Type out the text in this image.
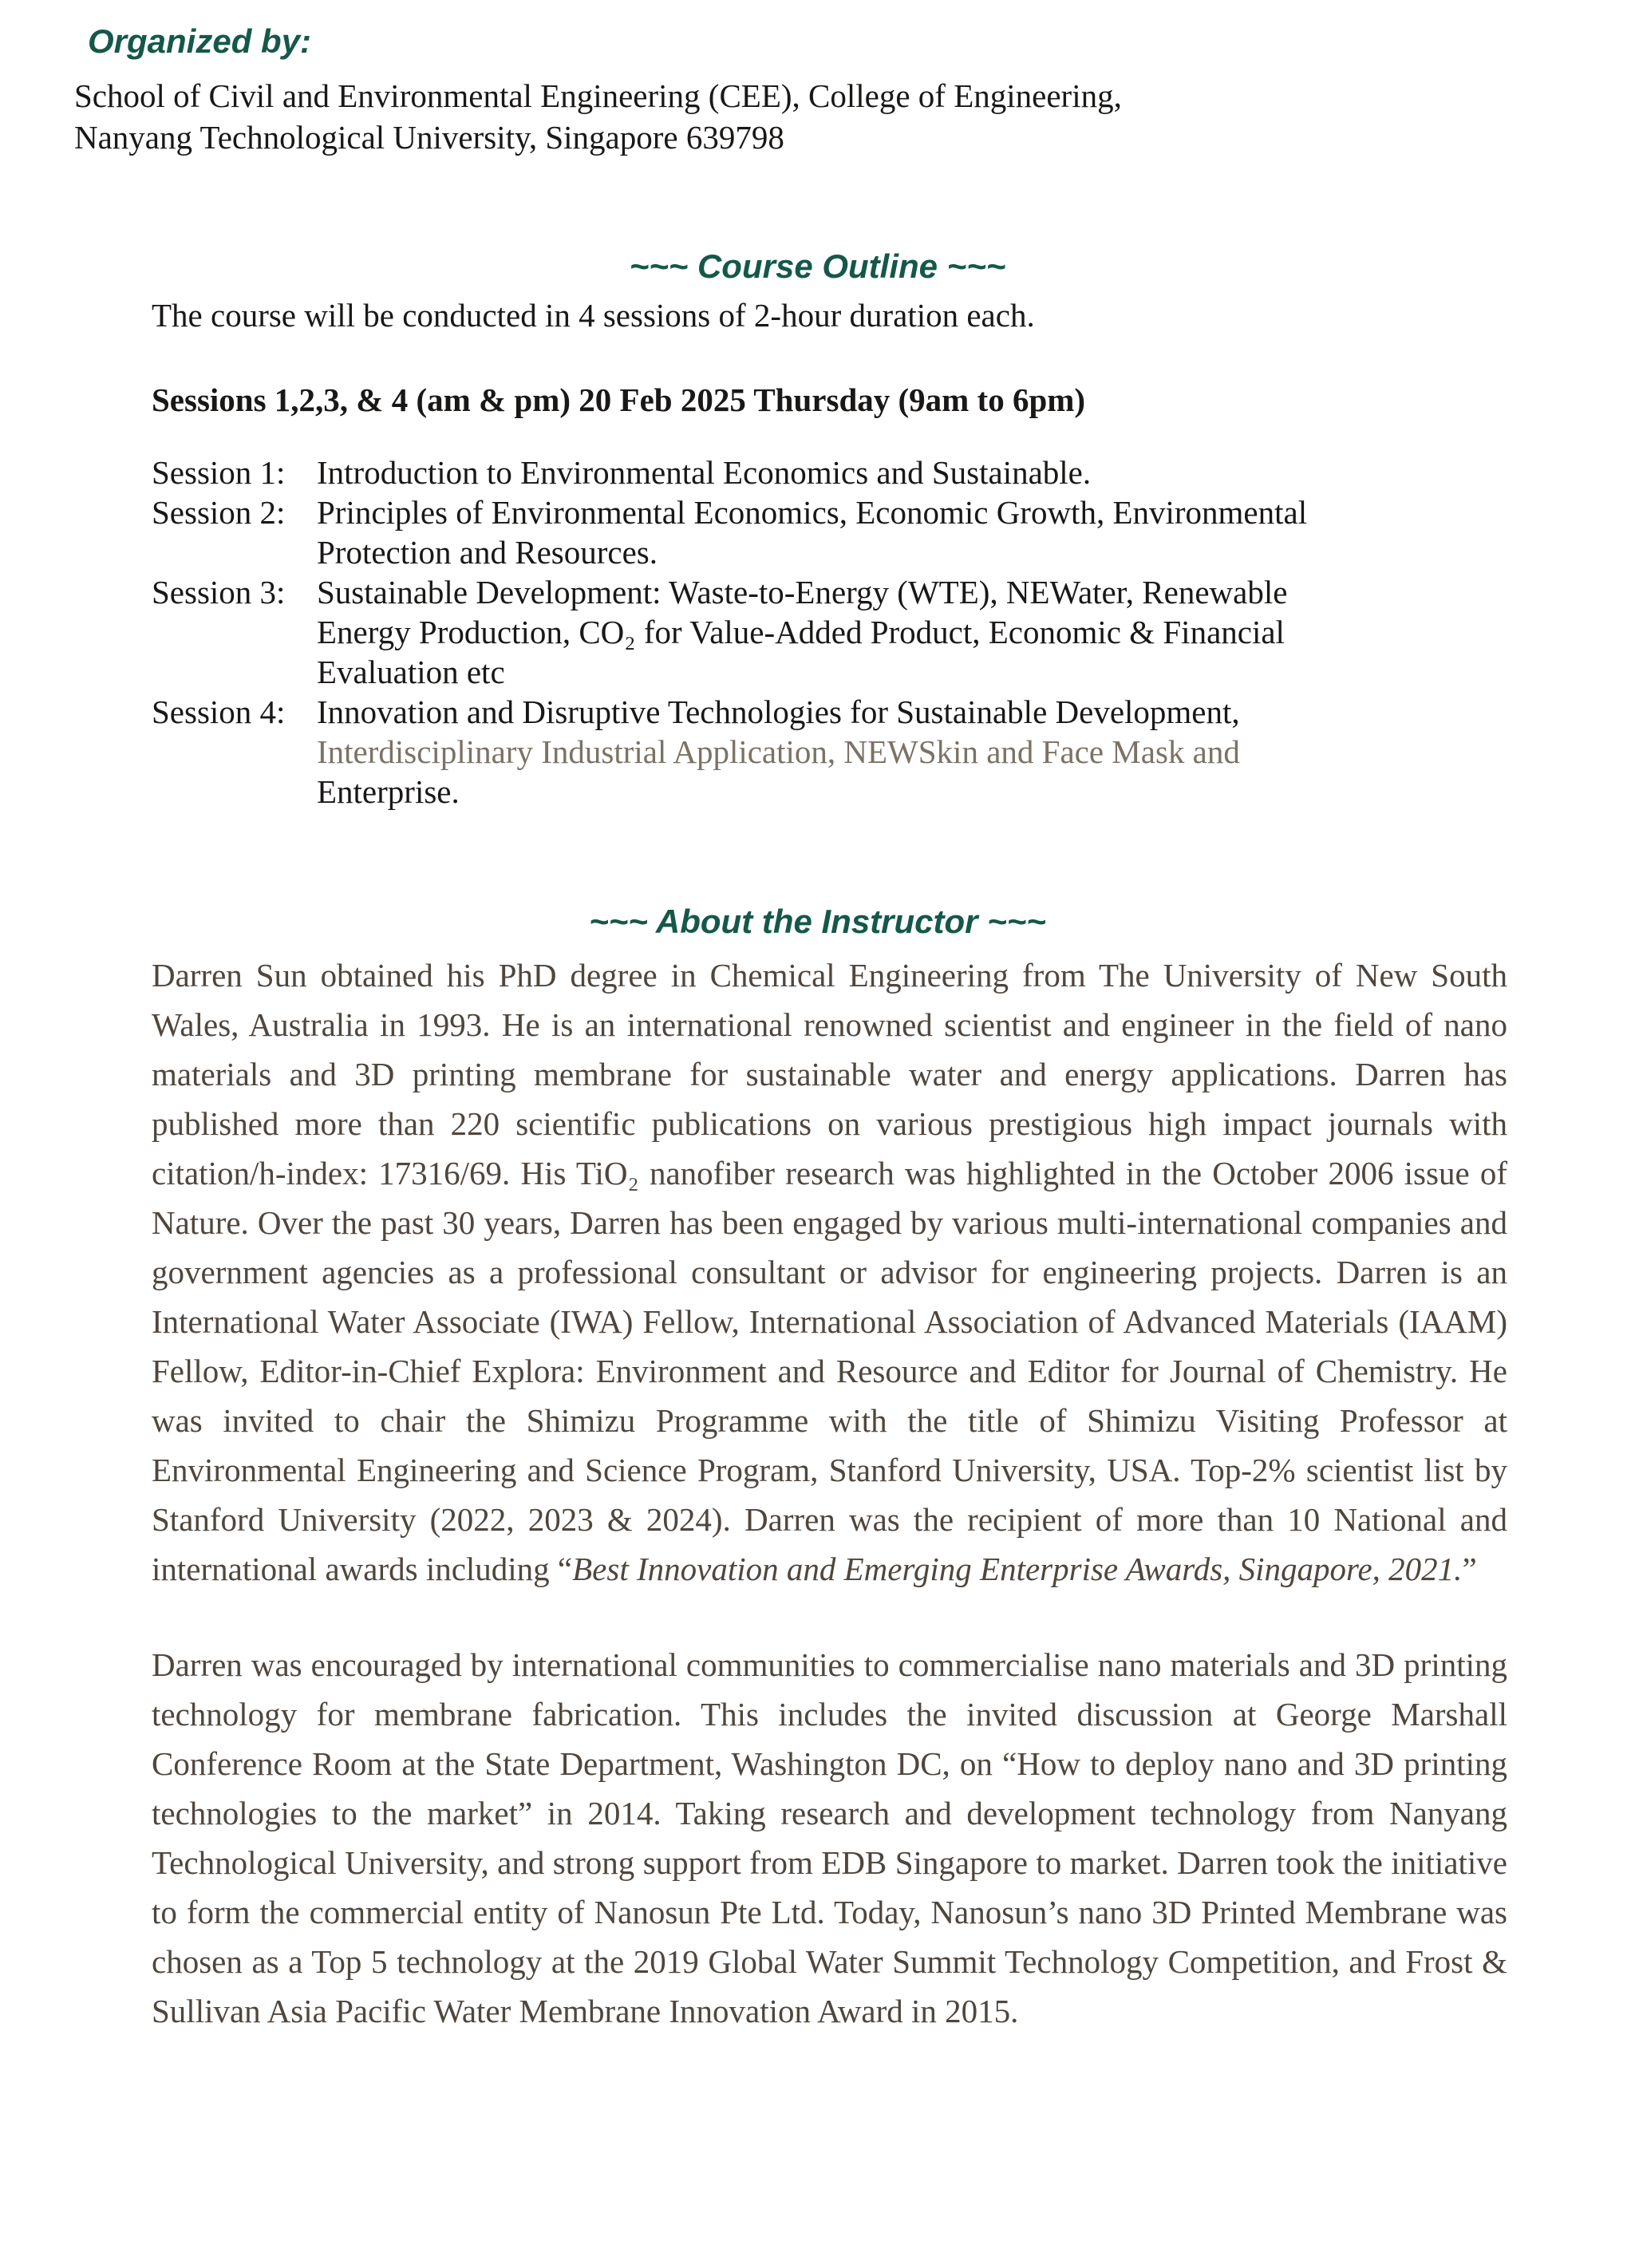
Organized by:
School of Civil and Environmental Engineering (CEE), College of Engineering,
Nanyang Technological University, Singapore 639798
~~~ Course Outline ~~~

The course will be conducted in 4 sessions of 2-hour duration each.

Sessions 1,2,3, & 4 (am & pm) 20 Feb 2025 Thursday (9am to 6pm)

Session 1: Introduction to Environmental Economics and Sustainable.
Session 2: Principles of Environmental Economics, Economic Growth, Environmental
Protection and Resources.
Session 3: Sustainable Development: Waste-to-Energy (WTE), NEWater, Renewable
Energy Production, CO₂ for Value-Added Product, Economic & Financial
Evaluation etc
Session 4: Innovation and Disruptive Technologies for Sustainable Development,
Interdisciplinary Industrial Application, NEWSkin and Face Mask and
Enterprise.
~~~ About the Instructor ~~~

Darren Sun obtained his PhD degree in Chemical Engineering from The University of New South Wales, Australia in 1993. He is an international renowned scientist and engineer in the field of nano materials and 3D printing membrane for sustainable water and energy applications. Darren has published more than 220 scientific publications on various prestigious high impact journals with citation/h-index: 17316/69. His TiO₂ nanofiber research was highlighted in the October 2006 issue of Nature. Over the past 30 years, Darren has been engaged by various multi-international companies and government agencies as a professional consultant or advisor for engineering projects. Darren is an International Water Associate (IWA) Fellow, International Association of Advanced Materials (IAAM) Fellow, Editor-in-Chief Explora: Environment and Resource and Editor for Journal of Chemistry. He was invited to chair the Shimizu Programme with the title of Shimizu Visiting Professor at Environmental Engineering and Science Program, Stanford University, USA. Top-2% scientist list by Stanford University (2022, 2023 & 2024). Darren was the recipient of more than 10 National and international awards including “Best Innovation and Emerging Enterprise Awards, Singapore, 2021.”

Darren was encouraged by international communities to commercialise nano materials and 3D printing technology for membrane fabrication. This includes the invited discussion at George Marshall Conference Room at the State Department, Washington DC, on “How to deploy nano and 3D printing technologies to the market” in 2014. Taking research and development technology from Nanyang Technological University, and strong support from EDB Singapore to market. Darren took the initiative to form the commercial entity of Nanosun Pte Ltd. Today, Nanosun’s nano 3D Printed Membrane was chosen as a Top 5 technology at the 2019 Global Water Summit Technology Competition, and Frost & Sullivan Asia Pacific Water Membrane Innovation Award in 2015.
